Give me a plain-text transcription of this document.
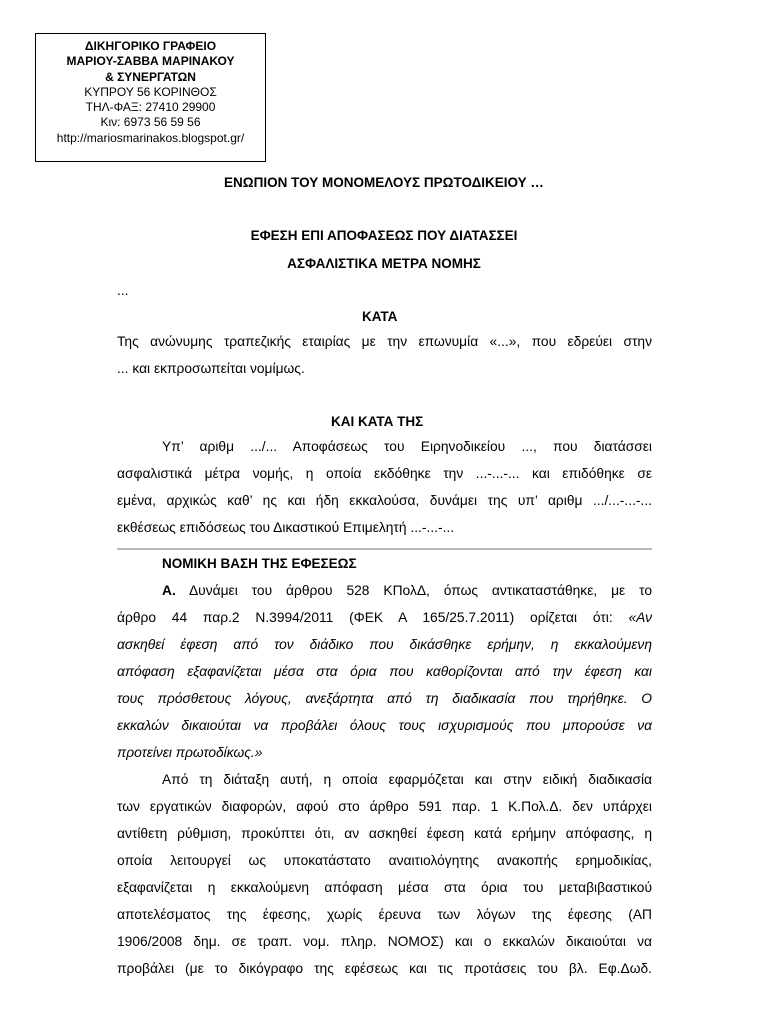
ΔΙΚΗΓΟΡΙΚΟ ΓΡΑΦΕΙΟ
ΜΑΡΙΟΥ-ΣΑΒΒΑ ΜΑΡΙΝΑΚΟΥ
& ΣΥΝΕΡΓΑΤΩΝ
ΚΥΠΡΟΥ 56 ΚΟΡΙΝΘΟΣ
ΤΗΛ-ΦΑΞ: 27410 29900
Κιν: 6973 56 59 56
http://mariosmarinakos.blogspot.gr/
ΕΝΩΠΙΟΝ ΤΟΥ ΜΟΝΟΜΕΛΟΥΣ ΠΡΩΤΟΔΙΚΕΙΟΥ …
ΕΦΕΣΗ ΕΠΙ ΑΠΟΦΑΣΕΩΣ ΠΟΥ ΔΙΑΤΑΣΣΕΙ
ΑΣΦΑΛΙΣΤΙΚΑ ΜΕΤΡΑ ΝΟΜΗΣ
...
ΚΑΤΑ
Της ανώνυμης τραπεζικής εταιρίας με την επωνυμία «...», που εδρεύει στην
... και εκπροσωπείται νομίμως.
ΚΑΙ ΚΑΤΑ ΤΗΣ
Υπ’ αριθμ .../... Αποφάσεως του Ειρηνοδικείου ..., που διατάσσει
ασφαλιστικά μέτρα νομής, η οποία εκδόθηκε την ...-...-... και επιδόθηκε σε
εμένα, αρχικώς καθ’ ης και ήδη εκκαλούσα, δυνάμει της υπ’ αριθμ .../...-...-...
εκθέσεως επιδόσεως του Δικαστικού Επιμελητή ...-...-...
ΝΟΜΙΚΗ ΒΑΣΗ ΤΗΣ ΕΦΕΣΕΩΣ
Α. Δυνάμει του άρθρου 528 ΚΠολΔ, όπως αντικαταστάθηκε, με το
άρθρο 44 παρ.2 Ν.3994/2011 (ΦΕΚ Α 165/25.7.2011) ορίζεται ότι: «Αν
ασκηθεί έφεση από τον διάδικο που δικάσθηκε ερήμην, η εκκαλούμενη
απόφαση εξαφανίζεται μέσα στα όρια που καθορίζονται από την έφεση και
τους πρόσθετους λόγους, ανεξάρτητα από τη διαδικασία που τηρήθηκε. Ο
εκκαλών δικαιούται να προβάλει όλους τους ισχυρισμούς που μπορούσε να
προτείνει πρωτοδίκως.»
Από τη διάταξη αυτή, η οποία εφαρμόζεται και στην ειδική διαδικασία
των εργατικών διαφορών, αφού στο άρθρο 591 παρ. 1 Κ.Πολ.Δ. δεν υπάρχει
αντίθετη ρύθμιση, προκύπτει ότι, αν ασκηθεί έφεση κατά ερήμην απόφασης, η
οποία λειτουργεί ως υποκατάστατο αναιτιολόγητης ανακοπής ερημοδικίας,
εξαφανίζεται η εκκαλούμενη απόφαση μέσα στα όρια του μεταβιβαστικού
αποτελέσματος της έφεσης, χωρίς έρευνα των λόγων της έφεσης (ΑΠ
1906/2008 δημ. σε τραπ. νομ. πληρ. ΝΟΜΟΣ) και ο εκκαλών δικαιούται να
προβάλει (με το δικόγραφο της εφέσεως και τις προτάσεις του βλ. Εφ.Δωδ.
